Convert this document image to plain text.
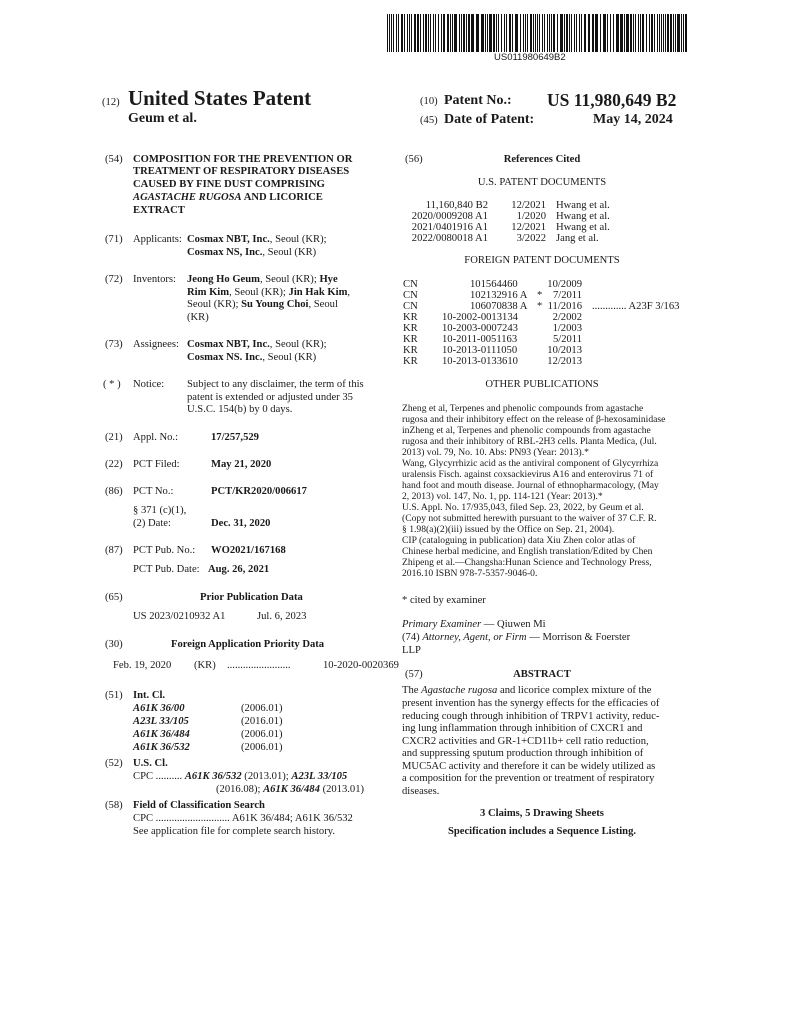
US011980649B2
(12) United States Patent
Geum et al.
(10) Patent No.: US 11,980,649 B2
(45) Date of Patent:	May 14, 2024
(54) COMPOSITION FOR THE PREVENTION OR
TREATMENT OF RESPIRATORY DISEASES
CAUSED BY FINE DUST COMPRISING
AGASTACHE RUGOSA AND LICORICE
EXTRACT
(71) Applicants: Cosmax NBT, Inc., Seoul (KR);
Cosmax NS, Inc., Seoul (KR)
(72) Inventors: Jeong Ho Geum, Seoul (KR); Hye
Rim Kim, Seoul (KR); Jin Hak Kim,
Seoul (KR); Su Young Choi, Seoul
(KR)
(73) Assignees: Cosmax NBT, Inc., Seoul (KR);
Cosmax NS. Inc., Seoul (KR)
( * ) Notice: Subject to any disclaimer, the term of this
patent is extended or adjusted under 35
U.S.C. 154(b) by 0 days.
(21) Appl. No.:	17/257,529
(22) PCT Filed:	May 21, 2020
(86) PCT No.:	PCT/KR2020/006617
§ 371 (c)(1),
(2) Date:	Dec. 31, 2020
(87) PCT Pub. No.: WO2021/167168
PCT Pub. Date: Aug. 26, 2021
(65)	Prior Publication Data
US 2023/0210932 A1	Jul. 6, 2023
(30)	Foreign Application Priority Data
Feb. 19, 2020 (KR) ........................	10-2020-0020369
(51) Int. Cl.
A61K 36/00	(2006.01)
A23L 33/105	(2016.01)
A61K 36/484	(2006.01)
A61K 36/532	(2006.01)
(52) U.S. Cl.
CPC .......... A61K 36/532 (2013.01); A23L 33/105
(2016.08); A61K 36/484 (2013.01)
(58) Field of Classification Search
CPC ............................ A61K 36/484; A61K 36/532
See application file for complete search history.
(56)	References Cited
U.S. PATENT DOCUMENTS
11,160,840 B2	12/2021 Hwang et al.
2020/0009208 A1	1/2020 Hwang et al.
2021/0401916 A1	12/2021 Hwang et al.
2022/0080018 A1	3/2022 Jang et al.
FOREIGN PATENT DOCUMENTS
CN	101564460	10/2009
CN	102132916 A *	7/2011
CN	106070838 A * 11/2016 ............. A23F 3/163
KR 10-2002-0013134	2/2002
KR 10-2003-0007243	1/2003
KR 10-2011-0051163	5/2011
KR 10-2013-0111050	10/2013
KR 10-2013-0133610	12/2013
OTHER PUBLICATIONS
Zheng et al, Terpenes and phenolic compounds from agastache
rugosa and their inhibitory effect on the release of β-hexosaminidase
inZheng et al, Terpenes and phenolic compounds from agastache
rugosa and their inhibitory of RBL-2H3 cells. Planta Medica, (Jul.
2013) vol. 79, No. 10. Abs: PN93 (Year: 2013).*
Wang, Glycyrrhizic acid as the antiviral component of Glycyrrhiza
uralensis Fisch. against coxsackievirus A16 and enterovirus 71 of
hand foot and mouth disease. Journal of ethnopharmacology, (May
2, 2013) vol. 147, No. 1, pp. 114-121 (Year: 2013).*
U.S. Appl. No. 17/935,043, filed Sep. 23, 2022, by Geum et al.
(Copy not submitted herewith pursuant to the waiver of 37 C.F. R.
§ 1.98(a)(2)(iii) issued by the Office on Sep. 21, 2004).
CIP (cataloguing in publication) data Xiu Zhen color atlas of
Chinese herbal medicine, and English translation/Edited by Chen
Zhipeng et al.—Changsha:Hunan Science and Technology Press,
2016.10 ISBN 978-7-5357-9046-0.
* cited by examiner
Primary Examiner — Qiuwen Mi
(74) Attorney, Agent, or Firm — Morrison & Foerster
LLP
(57)	ABSTRACT
The Agastache rugosa and licorice complex mixture of the
present invention has the synergy effects for the efficacies of
reducing cough through inhibition of TRPV1 activity, reduc-
ing lung inflammation through inhibition of CXCR1 and
CXCR2 activities and GR-1+CD11b+ cell ratio reduction,
and suppressing sputum production through inhibition of
MUC5AC activity and therefore it can be widely utilized as
a composition for the prevention or treatment of respiratory
diseases.
3 Claims, 5 Drawing Sheets
Specification includes a Sequence Listing.
